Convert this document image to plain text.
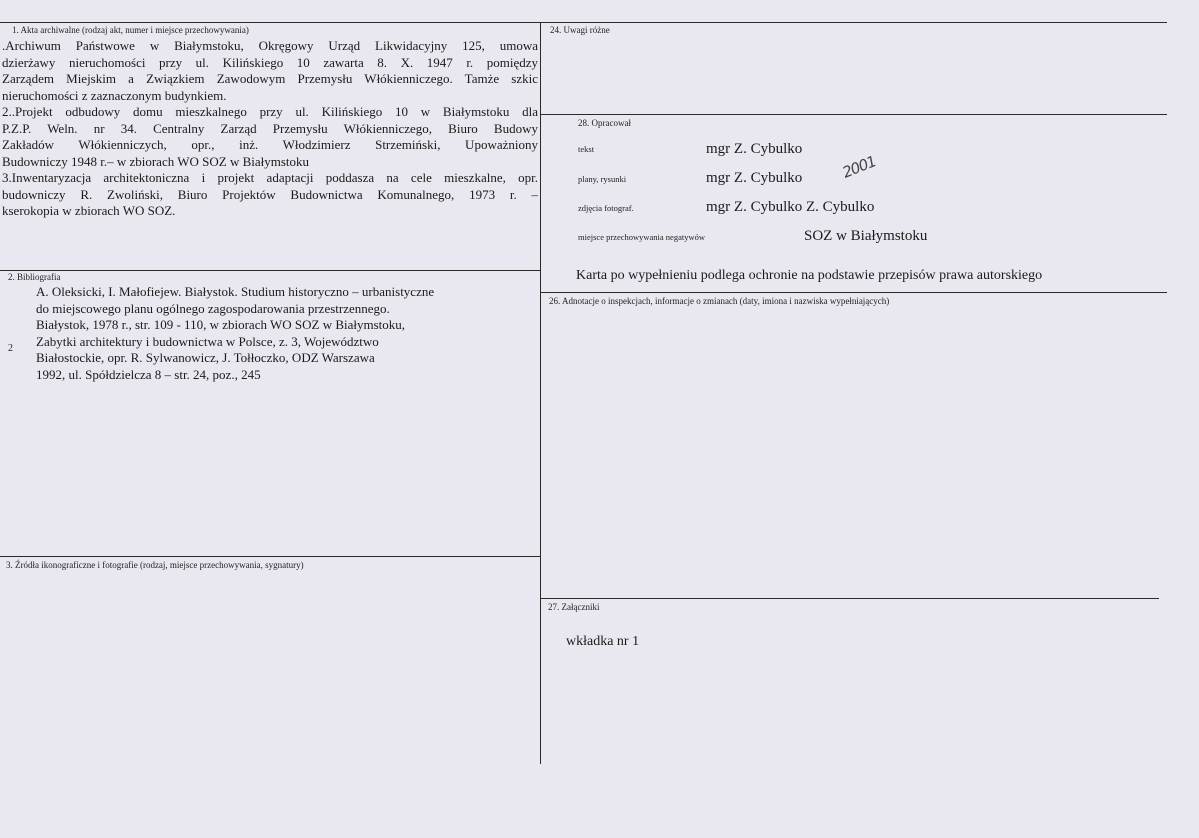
1. Akta archiwalne (rodzaj akt, numer i miejsce przechowywania)
.Archiwum Państwowe w Białymstoku, Okręgowy Urząd Likwidacyjny 125, umowa
dzierżawy nieruchomości przy ul. Kilińskiego 10 zawarta 8. X. 1947 r. pomiędzy
Zarządem Miejskim a Związkiem Zawodowym Przemysłu Włókienniczego. Tamże szkic
nieruchomości z zaznaczonym budynkiem.
2..Projekt odbudowy domu mieszkalnego przy ul. Kilińskiego 10 w Białymstoku dla
P.Z.P. Weln. nr 34. Centralny Zarząd Przemysłu Włókienniczego, Biuro Budowy
Zakładów Włókienniczych, opr., inż. Włodzimierz Strzemiński, Upoważniony
Budowniczy 1948 r.– w zbiorach WO SOZ w Białymstoku
3.Inwentaryzacja architektoniczna i projekt adaptacji poddasza na cele mieszkalne, opr.
budowniczy R. Zwoliński, Biuro Projektów Budownictwa Komunalnego, 1973 r. –
kserokopia w zbiorach WO SOZ.
2. Bibliografia
A. Oleksicki, I. Małofiejew. Białystok. Studium historyczno – urbanistyczne
do miejscowego planu ogólnego zagospodarowania przestrzennego.
Białystok, 1978 r., str. 109 - 110, w zbiorach WO SOZ w Białymstoku,
Zabytki architektury i budownictwa w Polsce, z. 3, Województwo
Białostockie, opr. R. Sylwanowicz, J. Tołłoczko, ODZ Warszawa
1992, ul. Spółdzielcza 8 – str. 24, poz., 245
2
3. Źródła ikonograficzne i fotografie (rodzaj, miejsce przechowywania, sygnatury)
24. Uwagi różne
28. Opracował
tekst	mgr Z. Cybulko
plany, rysunki	mgr Z. Cybulko	2001
zdjęcia fotograf.	mgr Z. Cybulko Z. Cybulko
miejsce przechowywania negatywów	SOZ w Białymstoku
Karta po wypełnieniu podlega ochronie na podstawie przepisów prawa autorskiego
26. Adnotacje o inspekcjach, informacje o zmianach (daty, imiona i nazwiska wypełniających)
27. Załączniki
wkładka nr 1
